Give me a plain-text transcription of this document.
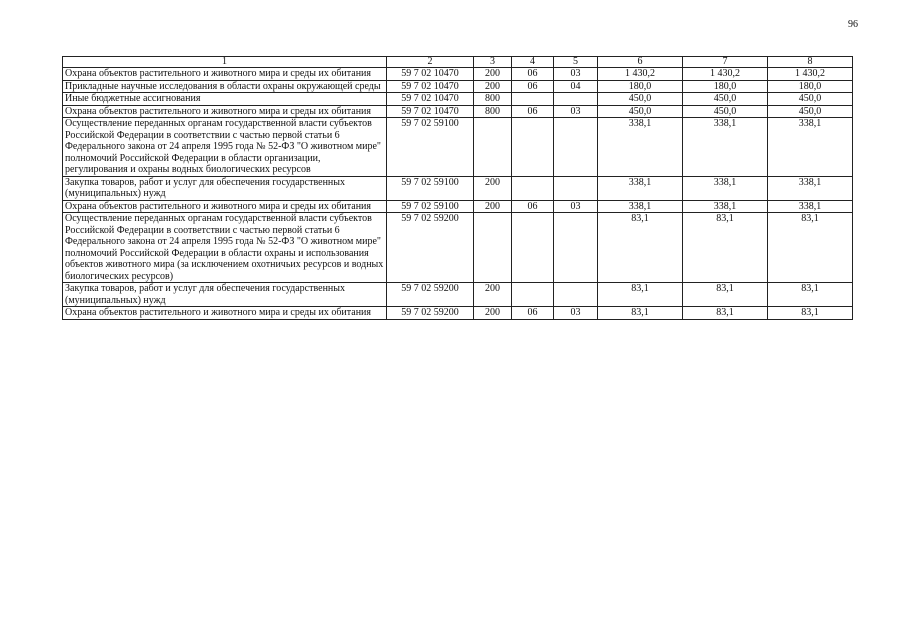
96
1	2	3	4	5	6	7	8
Охрана объектов растительного и животного мира и среды их обитания	59 7 02 10470	200	06	03	1 430,2	1 430,2	1 430,2
Прикладные научные исследования в области охраны окружающей среды	59 7 02 10470	200	06	04	180,0	180,0	180,0
Иные бюджетные ассигнования	59 7 02 10470	800			450,0	450,0	450,0
Охрана объектов растительного и животного мира и среды их обитания	59 7 02 10470	800	06	03	450,0	450,0	450,0
Осуществление переданных органам государственной власти субъектов Российской Федерации в соответствии с частью первой статьи 6 Федерального закона от 24 апреля 1995 года № 52-ФЗ "О животном мире" полномочий Российской Федерации в области организации, регулирования и охраны водных биологических ресурсов	59 7 02 59100				338,1	338,1	338,1
Закупка товаров, работ и услуг для обеспечения государственных (муниципальных) нужд	59 7 02 59100	200			338,1	338,1	338,1
Охрана объектов растительного и животного мира и среды их обитания	59 7 02 59100	200	06	03	338,1	338,1	338,1
Осуществление переданных органам государственной власти субъектов Российской Федерации в соответствии с частью первой статьи 6 Федерального закона от 24 апреля 1995 года № 52-ФЗ "О животном мире" полномочий Российской Федерации в области охраны и использования объектов животного мира (за исключением охотничьих ресурсов и водных биологических ресурсов)	59 7 02 59200				83,1	83,1	83,1
Закупка товаров, работ и услуг для обеспечения государственных (муниципальных) нужд	59 7 02 59200	200			83,1	83,1	83,1
Охрана объектов растительного и животного мира и среды их обитания	59 7 02 59200	200	06	03	83,1	83,1	83,1
